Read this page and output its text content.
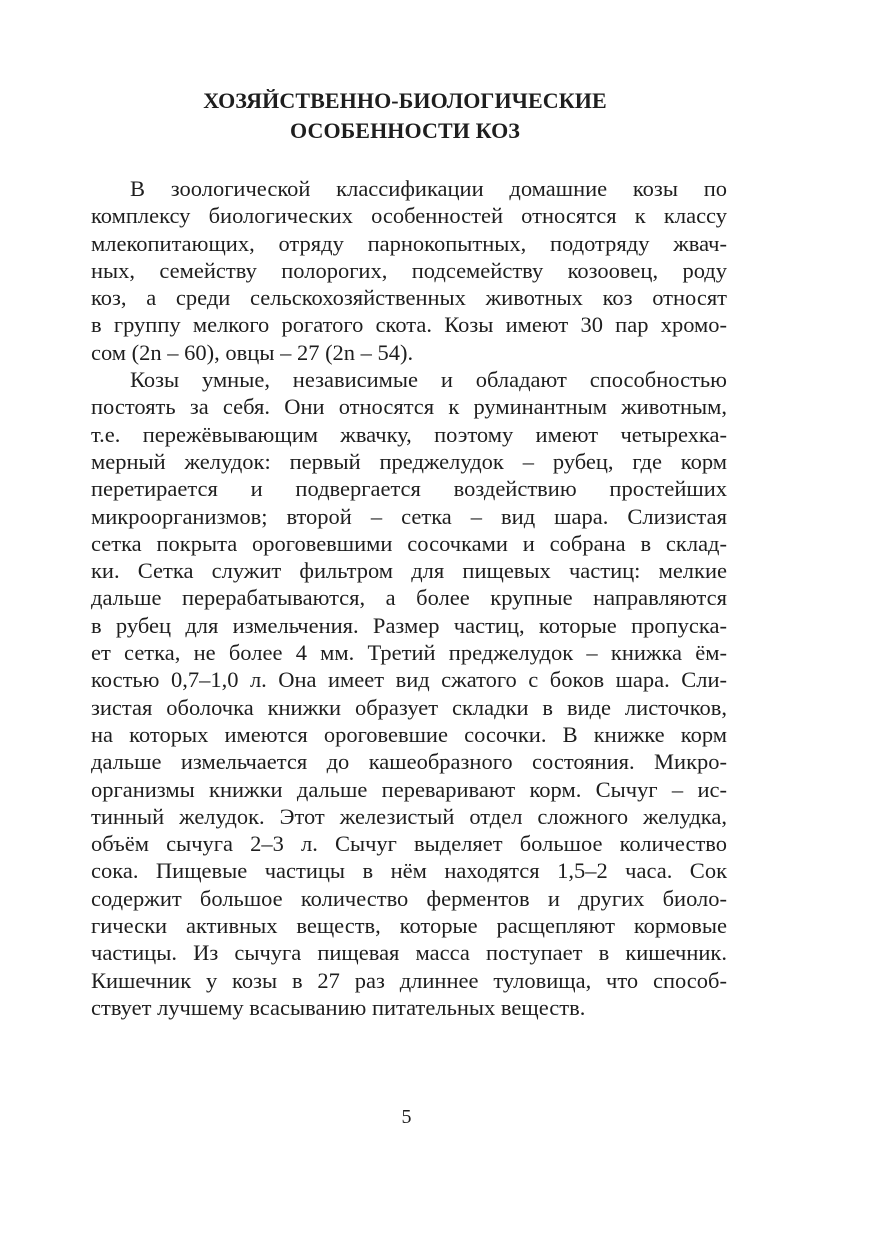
ХОЗЯЙСТВЕННО-БИОЛОГИЧЕСКИЕ
ОСОБЕННОСТИ КОЗ

В зоологической классификации домашние козы по
комплексу биологических особенностей относятся к классу
млекопитающих, отряду парнокопытных, подотряду жвач-
ных, семейству полорогих, подсемейству козоовец, роду
коз, а среди сельскохозяйственных животных коз относят
в группу мелкого рогатого скота. Козы имеют 30 пар хромо-
сом (2n – 60), овцы – 27 (2n – 54).

Козы умные, независимые и обладают способностью
постоять за себя. Они относятся к руминантным животным,
т.е. пережёвывающим жвачку, поэтому имеют четырехка-
мерный желудок: первый преджелудок – рубец, где корм
перетирается и подвергается воздействию простейших
микроорганизмов; второй – сетка – вид шара. Слизистая
сетка покрыта ороговевшими сосочками и собрана в склад-
ки. Сетка служит фильтром для пищевых частиц: мелкие
дальше перерабатываются, а более крупные направляются
в рубец для измельчения. Размер частиц, которые пропуска-
ет сетка, не более 4 мм. Третий преджелудок – книжка ём-
костью 0,7–1,0 л. Она имеет вид сжатого с боков шара. Сли-
зистая оболочка книжки образует складки в виде листочков,
на которых имеются ороговевшие сосочки. В книжке корм
дальше измельчается до кашеобразного состояния. Микро-
организмы книжки дальше переваривают корм. Сычуг – ис-
тинный желудок. Этот железистый отдел сложного желудка,
объём сычуга 2–3 л. Сычуг выделяет большое количество
сока. Пищевые частицы в нём находятся 1,5–2 часа. Сок
содержит большое количество ферментов и других биоло-
гически активных веществ, которые расщепляют кормовые
частицы. Из сычуга пищевая масса поступает в кишечник.
Кишечник у козы в 27 раз длиннее туловища, что способ-
ствует лучшему всасыванию питательных веществ.

5
